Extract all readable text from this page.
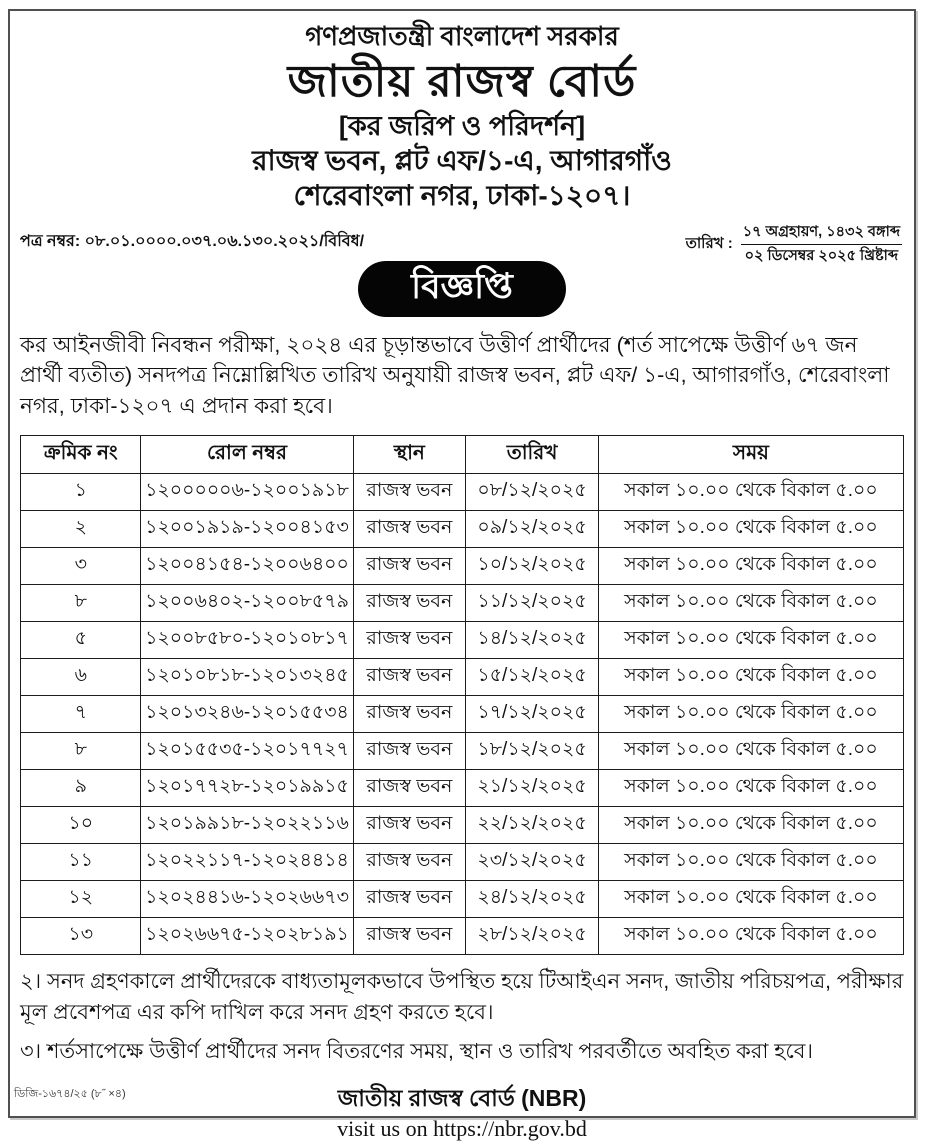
গণপ্রজাতন্ত্রী বাংলাদেশ সরকার
জাতীয় রাজস্ব বোর্ড
[কর জরিপ ও পরিদর্শন]
রাজস্ব ভবন, প্লট এফ/১-এ, আগারগাঁও
শেরেবাংলা নগর, ঢাকা-১২০৭।
পত্র নম্বর: ০৮.০১.০০০০.০৩৭.০৬.১৩০.২০২১/বিবিধ/	তারিখ :
১৭ অগ্রহায়ণ, ১৪৩২ বঙ্গাব্দ
০২ ডিসেম্বর ২০২৫ খ্রিষ্টাব্দ
বিজ্ঞপ্তি

কর আইনজীবী নিবন্ধন পরীক্ষা, ২০২৪ এর চূড়ান্তভাবে উত্তীর্ণ প্রার্থীদের (শর্ত সাপেক্ষে উত্তীর্ণ ৬৭ জন প্রার্থী ব্যতীত) সনদপত্র নিম্নোল্লিখিত তারিখ অনুযায়ী রাজস্ব ভবন, প্লট এফ/ ১-এ, আগারগাঁও, শেরেবাংলা নগর, ঢাকা-১২০৭ এ প্রদান করা হবে।

ক্রমিক নং	রোল নম্বর	স্থান	তারিখ	সময়
১	১২০০০০০৬-১২০০১৯১৮	রাজস্ব ভবন	০৮/১২/২০২৫	সকাল ১০.০০ থেকে বিকাল ৫.০০
২	১২০০১৯১৯-১২০০৪১৫৩	রাজস্ব ভবন	০৯/১২/২০২৫	সকাল ১০.০০ থেকে বিকাল ৫.০০
৩	১২০০৪১৫৪-১২০০৬৪০০	রাজস্ব ভবন	১০/১২/২০২৫	সকাল ১০.০০ থেকে বিকাল ৫.০০
৮	১২০০৬৪০২-১২০০৮৫৭৯	রাজস্ব ভবন	১১/১২/২০২৫	সকাল ১০.০০ থেকে বিকাল ৫.০০
৫	১২০০৮৫৮০-১২০১০৮১৭	রাজস্ব ভবন	১৪/১২/২০২৫	সকাল ১০.০০ থেকে বিকাল ৫.০০
৬	১২০১০৮১৮-১২০১৩২৪৫	রাজস্ব ভবন	১৫/১২/২০২৫	সকাল ১০.০০ থেকে বিকাল ৫.০০
৭	১২০১৩২৪৬-১২০১৫৫৩৪	রাজস্ব ভবন	১৭/১২/২০২৫	সকাল ১০.০০ থেকে বিকাল ৫.০০
৮	১২০১৫৫৩৫-১২০১৭৭২৭	রাজস্ব ভবন	১৮/১২/২০২৫	সকাল ১০.০০ থেকে বিকাল ৫.০০
৯	১২০১৭৭২৮-১২০১৯৯১৫	রাজস্ব ভবন	২১/১২/২০২৫	সকাল ১০.০০ থেকে বিকাল ৫.০০
১০	১২০১৯৯১৮-১২০২২১১৬	রাজস্ব ভবন	২২/১২/২০২৫	সকাল ১০.০০ থেকে বিকাল ৫.০০
১১	১২০২২১১৭-১২০২৪৪১৪	রাজস্ব ভবন	২৩/১২/২০২৫	সকাল ১০.০০ থেকে বিকাল ৫.০০
১২	১২০২৪৪১৬-১২০২৬৬৭৩	রাজস্ব ভবন	২৪/১২/২০২৫	সকাল ১০.০০ থেকে বিকাল ৫.০০
১৩	১২০২৬৬৭৫-১২০২৮১৯১	রাজস্ব ভবন	২৮/১২/২০২৫	সকাল ১০.০০ থেকে বিকাল ৫.০০
২। সনদ গ্রহণকালে প্রার্থীদেরকে বাধ্যতামূলকভাবে উপস্থিত হয়ে টিআইএন সনদ, জাতীয় পরিচয়পত্র, পরীক্ষার মূল প্রবেশপত্র এর কপি দাখিল করে সনদ গ্রহণ করতে হবে।
৩। শর্তসাপেক্ষে উত্তীর্ণ প্রার্থীদের সনদ বিতরণের সময়, স্থান ও তারিখ পরবর্তীতে অবহিত করা হবে।
জাতীয় রাজস্ব বোর্ড (NBR)
visit us on https://nbr.gov.bd
ডিজি-১৬৭৪/২৫ (৮˝ ×৪)
